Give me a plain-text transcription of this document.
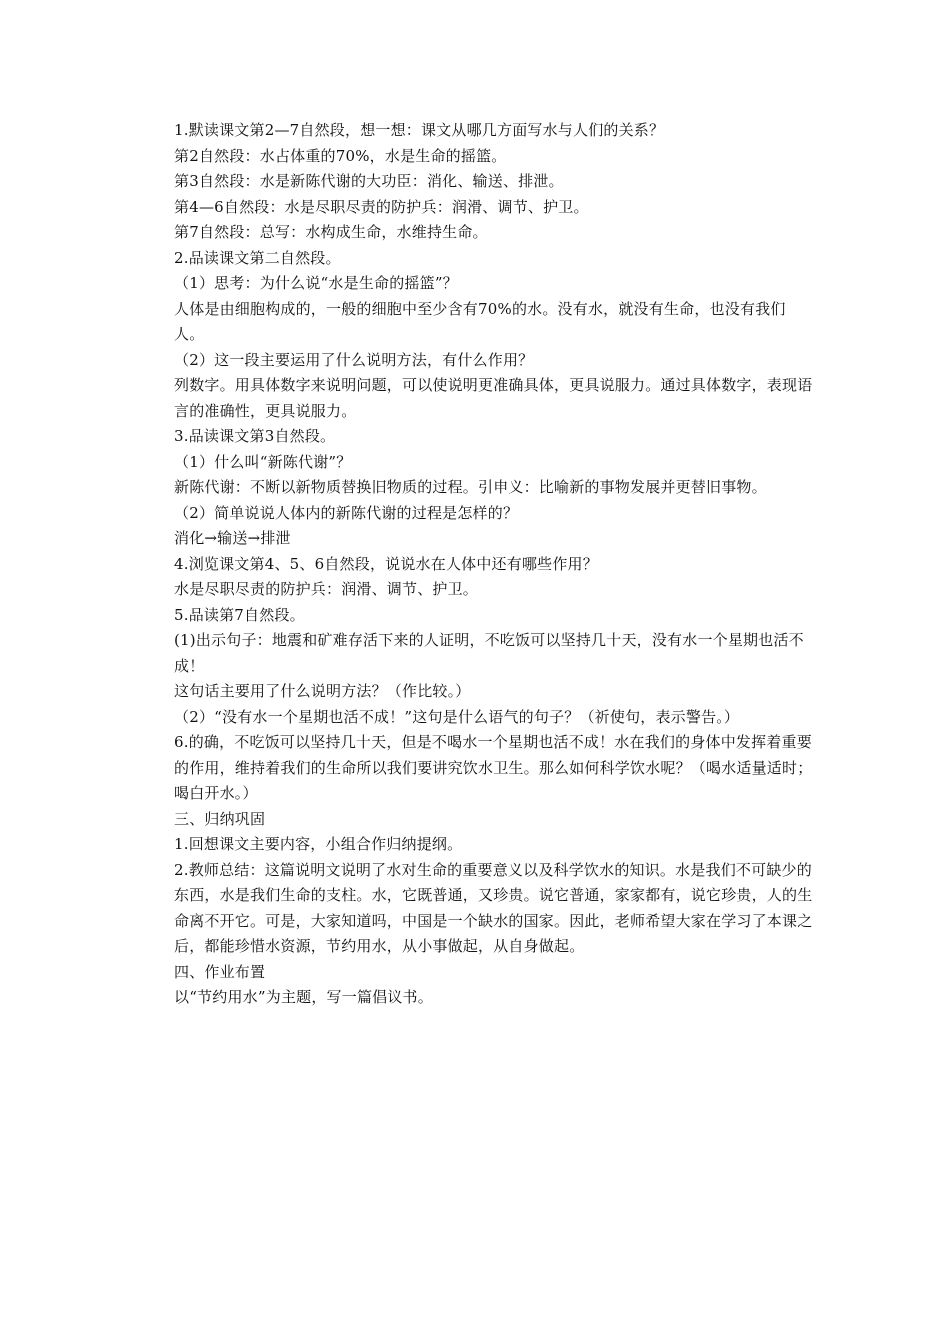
1.默读课文第2—7自然段，想一想：课文从哪几方面写水与人们的关系？

第2自然段：水占体重的70%，水是生命的摇篮。

第3自然段：水是新陈代谢的大功臣：消化、输送、排泄。

第4—6自然段：水是尽职尽责的防护兵：润滑、调节、护卫。

第7自然段：总写：水构成生命，水维持生命。

2.品读课文第二自然段。

（1）思考：为什么说“水是生命的摇篮”？

人体是由细胞构成的，一般的细胞中至少含有70%的水。没有水，就没有生命，也没有我们人。

（2）这一段主要运用了什么说明方法，有什么作用？

列数字。用具体数字来说明问题，可以使说明更准确具体，更具说服力。通过具体数字，表现语言的准确性，更具说服力。

3.品读课文第3自然段。

（1）什么叫“新陈代谢”？

新陈代谢：不断以新物质替换旧物质的过程。引申义：比喻新的事物发展并更替旧事物。

（2）简单说说人体内的新陈代谢的过程是怎样的？

消化→输送→排泄

4.浏览课文第4、5、6自然段，说说水在人体中还有哪些作用？

水是尽职尽责的防护兵：润滑、调节、护卫。

5.品读第7自然段。

(1)出示句子：地震和矿难存活下来的人证明，不吃饭可以坚持几十天，没有水一个星期也活不成！

这句话主要用了什么说明方法？（作比较。）

（2）“没有水一个星期也活不成！”这句是什么语气的句子？（祈使句，表示警告。）

6.的确，不吃饭可以坚持几十天，但是不喝水一个星期也活不成！水在我们的身体中发挥着重要的作用，维持着我们的生命所以我们要讲究饮水卫生。那么如何科学饮水呢？（喝水适量适时；喝白开水。）

三、归纳巩固

1.回想课文主要内容，小组合作归纳提纲。

2.教师总结：这篇说明文说明了水对生命的重要意义以及科学饮水的知识。水是我们不可缺少的东西，水是我们生命的支柱。水，它既普通，又珍贵。说它普通，家家都有，说它珍贵，人的生命离不开它。可是，大家知道吗，中国是一个缺水的国家。因此，老师希望大家在学习了本课之后，都能珍惜水资源，节约用水，从小事做起，从自身做起。

四、作业布置

以“节约用水”为主题，写一篇倡议书。
